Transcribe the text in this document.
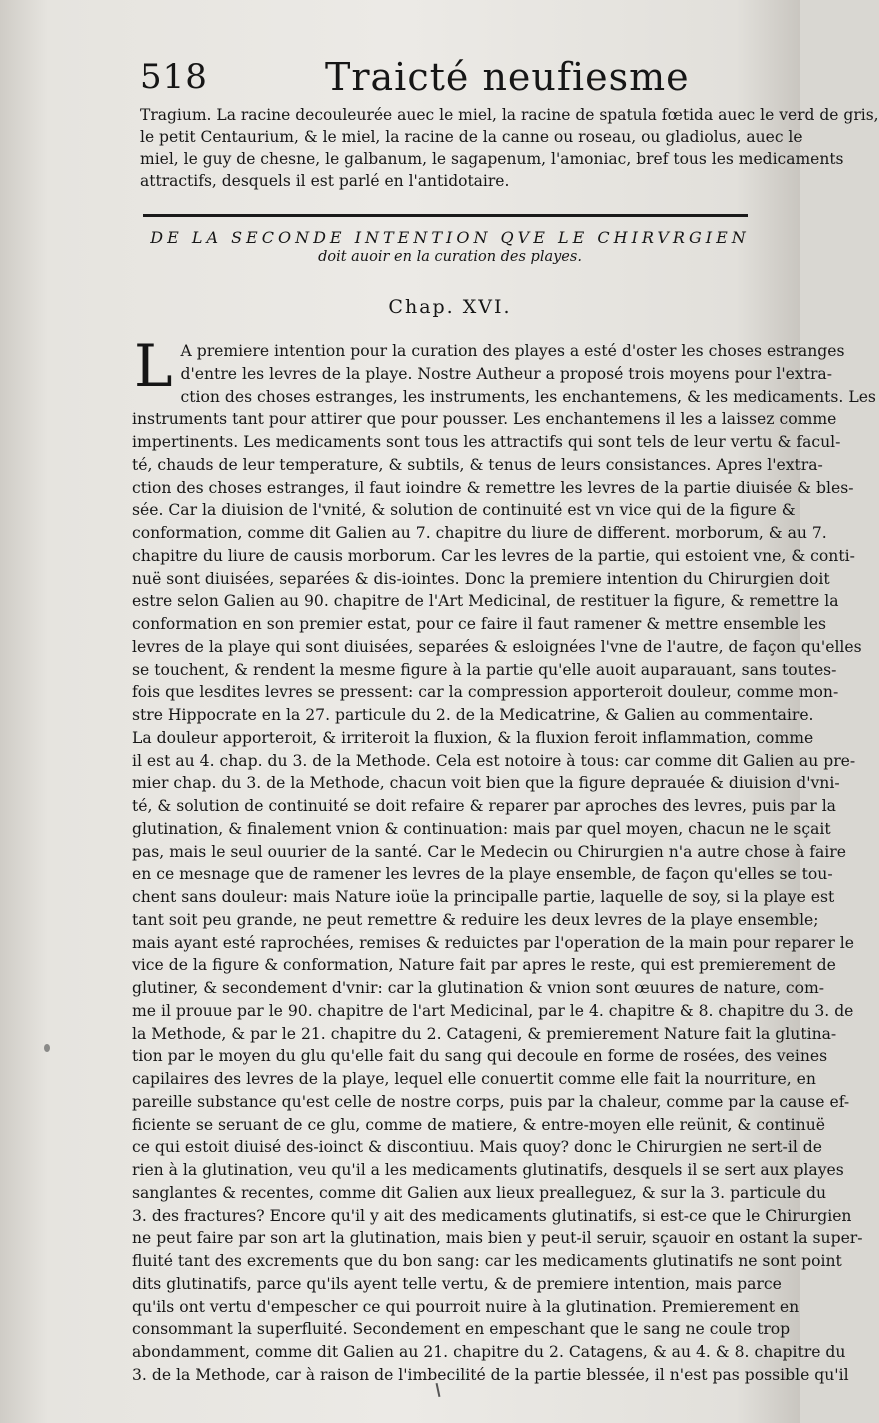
518	Traicté neufiesme
Tragium. La racine decouleurée auec le miel, la racine de spatula fœtida auec le verd de gris,
le petit Centaurium, & le miel, la racine de la canne ou roseau, ou gladiolus, auec le
miel, le guy de chesne, le galbanum, le sagapenum, l'amoniac, bref tous les medicaments
attractifs, desquels il est parlé en l'antidotaire.
DE LA SECONDE INTENTION QVE LE CHIRVRGIEN
doit auoir en la curation des playes.
Chap. XVI.
L A premiere intention pour la curation des playes a esté d'oster les choses estranges
d'entre les levres de la playe. Nostre Autheur a proposé trois moyens pour l'extra-
ction des choses estranges, les instruments, les enchantemens, & les medicaments. Les
instruments tant pour attirer que pour pousser. Les enchantemens il les a laissez comme
impertinents. Les medicaments sont tous les attractifs qui sont tels de leur vertu & facul-
té, chauds de leur temperature, & subtils, & tenus de leurs consistances. Apres l'extra-
ction des choses estranges, il faut ioindre & remettre les levres de la partie diuisée & bles-
sée. Car la diuision de l'vnité, & solution de continuité est vn vice qui de la figure &
conformation, comme dit Galien au 7. chapitre du liure de different. morborum, & au 7.
chapitre du liure de causis morborum. Car les levres de la partie, qui estoient vne, & conti-
nuë sont diuisées, separées & dis-iointes. Donc la premiere intention du Chirurgien doit
estre selon Galien au 90. chapitre de l'Art Medicinal, de restituer la figure, & remettre la
conformation en son premier estat, pour ce faire il faut ramener & mettre ensemble les
levres de la playe qui sont diuisées, separées & esloignées l'vne de l'autre, de façon qu'elles
se touchent, & rendent la mesme figure à la partie qu'elle auoit auparauant, sans toutes-
fois que lesdites levres se pressent: car la compression apporteroit douleur, comme mon-
stre Hippocrate en la 27. particule du 2. de la Medicatrine, & Galien au commentaire.
La douleur apporteroit, & irriteroit la fluxion, & la fluxion feroit inflammation, comme
il est au 4. chap. du 3. de la Methode. Cela est notoire à tous: car comme dit Galien au pre-
mier chap. du 3. de la Methode, chacun voit bien que la figure deprauée & diuision d'vni-
té, & solution de continuité se doit refaire & reparer par aproches des levres, puis par la
glutination, & finalement vnion & continuation: mais par quel moyen, chacun ne le sçait
pas, mais le seul ouurier de la santé. Car le Medecin ou Chirurgien n'a autre chose à faire
en ce mesnage que de ramener les levres de la playe ensemble, de façon qu'elles se tou-
chent sans douleur: mais Nature ioüe la principalle partie, laquelle de soy, si la playe est
tant soit peu grande, ne peut remettre & reduire les deux levres de la playe ensemble;
mais ayant esté raprochées, remises & reduictes par l'operation de la main pour reparer le
vice de la figure & conformation, Nature fait par apres le reste, qui est premierement de
glutiner, & secondement d'vnir: car la glutination & vnion sont œuures de nature, com-
me il prouue par le 90. chapitre de l'art Medicinal, par le 4. chapitre & 8. chapitre du 3. de
la Methode, & par le 21. chapitre du 2. Catageni, & premierement Nature fait la glutina-
tion par le moyen du glu qu'elle fait du sang qui decoule en forme de rosées, des veines
capilaires des levres de la playe, lequel elle conuertit comme elle fait la nourriture, en
pareille substance qu'est celle de nostre corps, puis par la chaleur, comme par la cause ef-
ficiente se seruant de ce glu, comme de matiere, & entre-moyen elle reünit, & continuë
ce qui estoit diuisé des-ioinct & discontiuu. Mais quoy? donc le Chirurgien ne sert-il de
rien à la glutination, veu qu'il a les medicaments glutinatifs, desquels il se sert aux playes
sanglantes & recentes, comme dit Galien aux lieux prealleguez, & sur la 3. particule du
3. des fractures? Encore qu'il y ait des medicaments glutinatifs, si est-ce que le Chirurgien
ne peut faire par son art la glutination, mais bien y peut-il seruir, sçauoir en ostant la super-
fluité tant des excrements que du bon sang: car les medicaments glutinatifs ne sont point
dits glutinatifs, parce qu'ils ayent telle vertu, & de premiere intention, mais parce
qu'ils ont vertu d'empescher ce qui pourroit nuire à la glutination. Premierement en
consommant la superfluité. Secondement en empeschant que le sang ne coule trop
abondamment, comme dit Galien au 21. chapitre du 2. Catagens, & au 4. & 8. chapitre du
3. de la Methode, car à raison de l'imbecilité de la partie blessée, il n'est pas possible qu'il
